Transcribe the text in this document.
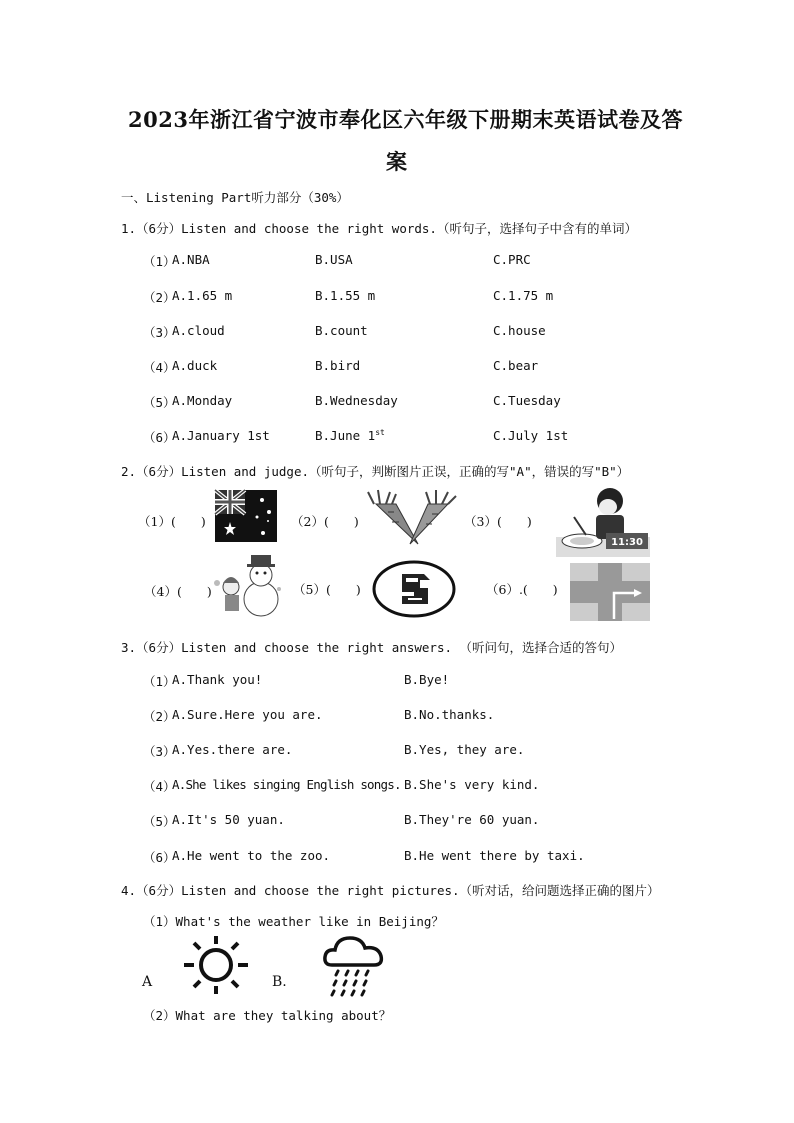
2023年浙江省宁波市奉化区六年级下册期末英语试卷及答
案
一、Listening Part听力部分（30%）
1.（6分）Listen and choose the right words.（听句子，选择句子中含有的单词）
（1）
A.NBA	B.USA	C.PRC
（2）
A.1.65 m	B.1.55 m	C.1.75 m
（3）
A.cloud	B.count	C.house
（4）
A.duck	B.bird	C.bear
（5）
A.Monday	B.Wednesday	C.Tuesday
（6）
A.January 1st	B.June 1st	C.July 1st
2.（6分）Listen and judge.（听句子，判断图片正误，正确的写"A"，错误的写"B"）
（1）(　　)	（2）(　　)	（3）(　　)
11:30
（4）(　　)	（5）(　　)	（6）.(　　)
3.（6分）Listen and choose the right answers. （听问句，选择合适的答句）
（1）
A.Thank you!	B.Bye!
（2）
A.Sure.Here you are.	B.No.thanks.
（3）
A.Yes.there are.	B.Yes, they are.
（4）
A.She likes singing English songs. B.She's very kind.
（5）
A.It's 50 yuan.	B.They're 60 yuan.
（6）
A.He went to the zoo.	B.He went there by taxi.
4.（6分）Listen and choose the right pictures.（听对话，给问题选择正确的图片）
（1）What's the weather like in Beijing？
A	B.
（2）What are they talking about？
